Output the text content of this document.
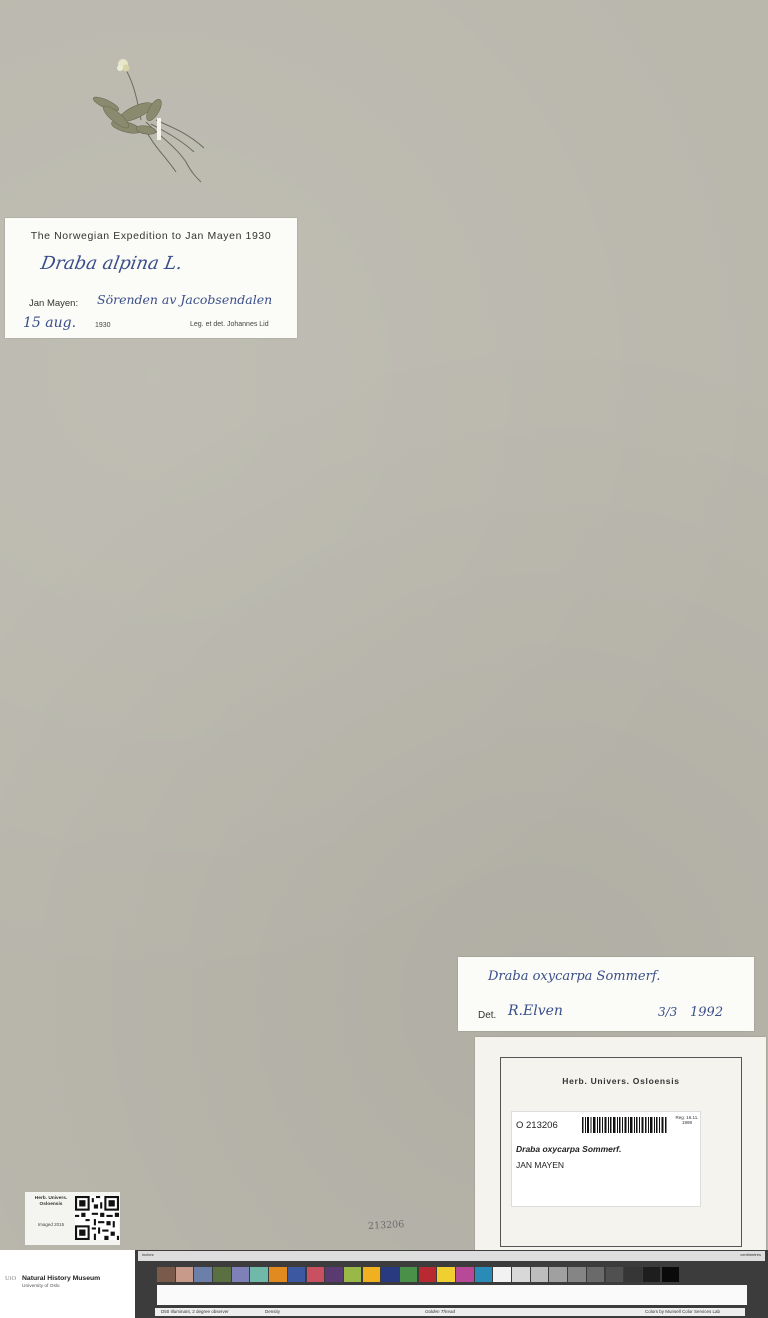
The Norwegian Expedition to Jan Mayen 1930
Draba alpina L.
Jan Mayen: Sörenden av Jacobsendalen
15 aug.	1930	Leg. et det. Johannes Lid
Draba oxycarpa Sommerf.
Det. R.Elven	3/3 1992
Herb. Univers. Osloensis
O 213206
Reg. 16.11. 1998
Draba oxycarpa Sommerf.
JAN MAYEN
Herb. Univers.
Osloensis
Imaged 2015	213206
UiO Natural History Museum
University of Oslo
inches	centimetres
D50 Illuminant, 2 degree observer	Density	Golden Thread	Colors by Munsell Color Services Lab
